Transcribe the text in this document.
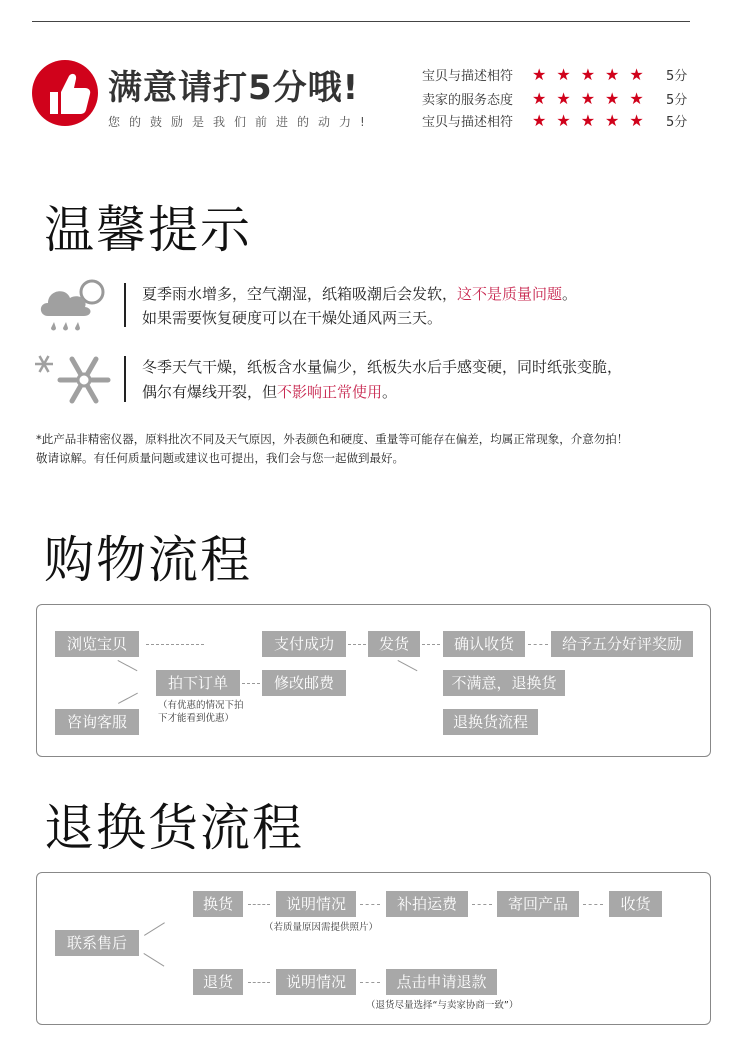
满意请打5分哦!
您的鼓励是我们前进的动力!
宝贝与描述相符	★★★★★ 5分
卖家的服务态度	★★★★★ 5分
宝贝与描述相符	★★★★★ 5分
温馨提示
夏季雨水增多，空气潮湿，纸箱吸潮后会发软，这不是质量问题。
如果需要恢复硬度可以在干燥处通风两三天。
冬季天气干燥，纸板含水量偏少，纸板失水后手感变硬，同时纸张变脆，
偶尔有爆线开裂，但不影响正常使用。
*此产品非精密仪器，原料批次不同及天气原因，外表颜色和硬度、重量等可能存在偏差，均属正常现象，介意勿拍！
敬请谅解。有任何质量问题或建议也可提出，我们会与您一起做到最好。
购物流程
浏览宝贝
咨询客服
拍下订单
（有优惠的情况下拍
下才能看到优惠）
支付成功
修改邮费
发货	确认收货	给予五分好评奖励
不满意，退换货
退换货流程
退换货流程
联系售后
换货	说明情况
（若质量原因需提供照片）
补拍运费	寄回产品	收货
退货	说明情况	点击申请退款
（退货尽量选择“与卖家协商一致”）
